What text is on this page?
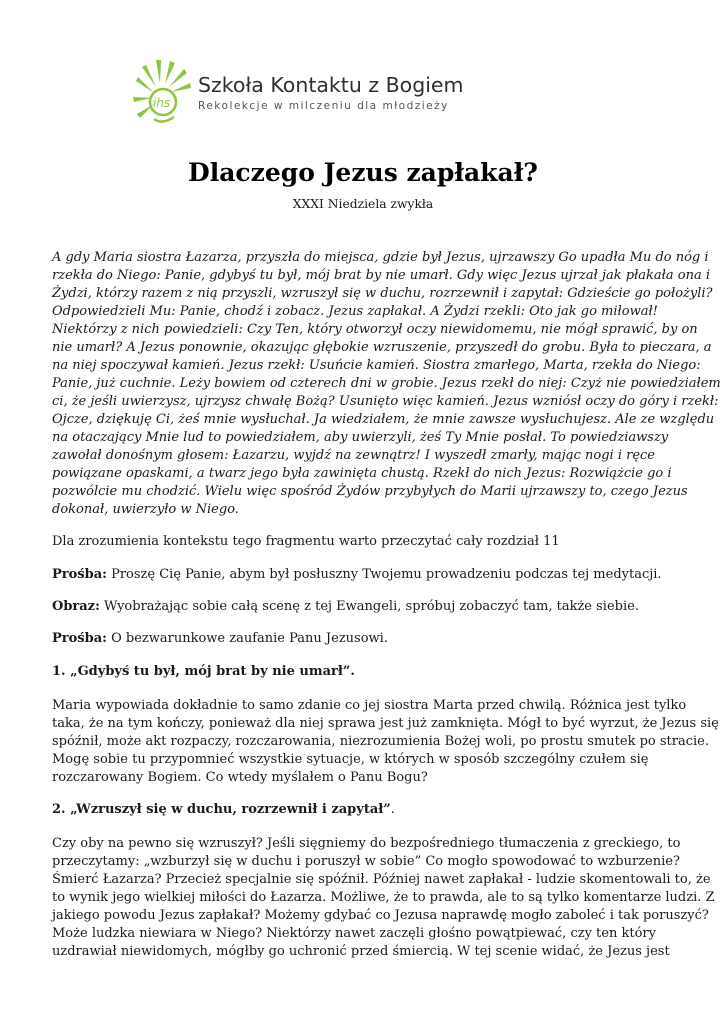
ihs
Szkoła Kontaktu z Bogiem
Rekolekcje w milczeniu dla młodzieży
Dlaczego Jezus zapłakał?

XXXI Niedziela zwykła

A gdy Maria siostra Łazarza, przyszła do miejsca, gdzie był Jezus, ujrzawszy Go upadła Mu do nóg i
rzekła do Niego: Panie, gdybyś tu był, mój brat by nie umarł. Gdy więc Jezus ujrzał jak płakała ona i
Żydzi, którzy razem z nią przyszli, wzruszył się w duchu, rozrzewnił i zapytał: Gdzieście go położyli?
Odpowiedzieli Mu: Panie, chodź i zobacz. Jezus zapłakał. A Żydzi rzekli: Oto jak go miłował!
Niektórzy z nich powiedzieli: Czy Ten, który otworzył oczy niewidomemu, nie mógł sprawić, by on
nie umarł? A Jezus ponownie, okazując głębokie wzruszenie, przyszedł do grobu. Była to pieczara, a
na niej spoczywał kamień. Jezus rzekł: Usuńcie kamień. Siostra zmarłego, Marta, rzekła do Niego:
Panie, już cuchnie. Leży bowiem od czterech dni w grobie. Jezus rzekł do niej: Czyż nie powiedziałem
ci, że jeśli uwierzysz, ujrzysz chwałę Bożą? Usunięto więc kamień. Jezus wzniósł oczy do góry i rzekł:
Ojcze, dziękuję Ci, żeś mnie wysłuchał. Ja wiedziałem, że mnie zawsze wysłuchujesz. Ale ze względu
na otaczający Mnie lud to powiedziałem, aby uwierzyli, żeś Ty Mnie posłał. To powiedziawszy
zawołał donośnym głosem: Łazarzu, wyjdź na zewnątrz! I wyszedł zmarły, mając nogi i ręce
powiązane opaskami, a twarz jego była zawinięta chustą. Rzekł do nich Jezus: Rozwiążcie go i
pozwólcie mu chodzić. Wielu więc spośród Żydów przybyłych do Marii ujrzawszy to, czego Jezus
dokonał, uwierzyło w Niego.
Dla zrozumienia kontekstu tego fragmentu warto przeczytać cały rozdział 11
Prośba: Proszę Cię Panie, abym był posłuszny Twojemu prowadzeniu podczas tej medytacji.
Obraz: Wyobrażając sobie całą scenę z tej Ewangeli, spróbuj zobaczyć tam, także siebie.
Prośba: O bezwarunkowe zaufanie Panu Jezusowi.
1. „Gdybyś tu był, mój brat by nie umarł”.
Maria wypowiada dokładnie to samo zdanie co jej siostra Marta przed chwilą. Różnica jest tylko
taka, że na tym kończy, ponieważ dla niej sprawa jest już zamknięta. Mógł to być wyrzut, że Jezus się
spóźnił, może akt rozpaczy, rozczarowania, niezrozumienia Bożej woli, po prostu smutek po stracie.
Mogę sobie tu przypomnieć wszystkie sytuacje, w których w sposób szczególny czułem się
rozczarowany Bogiem. Co wtedy myślałem o Panu Bogu?
2. „Wzruszył się w duchu, rozrzewnił i zapytał”.
Czy oby na pewno się wzruszył? Jeśli sięgniemy do bezpośredniego tłumaczenia z greckiego, to
przeczytamy: „wzburzył się w duchu i poruszył w sobie” Co mogło spowodować to wzburzenie?
Śmierć Łazarza? Przecież specjalnie się spóźnił. Później nawet zapłakał - ludzie skomentowali to, że
to wynik jego wielkiej miłości do Łazarza. Możliwe, że to prawda, ale to są tylko komentarze ludzi. Z
jakiego powodu Jezus zapłakał? Możemy gdybać co Jezusa naprawdę mogło zaboleć i tak poruszyć?
Może ludzka niewiara w Niego? Niektórzy nawet zaczęli głośno powątpiewać, czy ten który
uzdrawiał niewidomych, mógłby go uchronić przed śmiercią. W tej scenie widać, że Jezus jest
